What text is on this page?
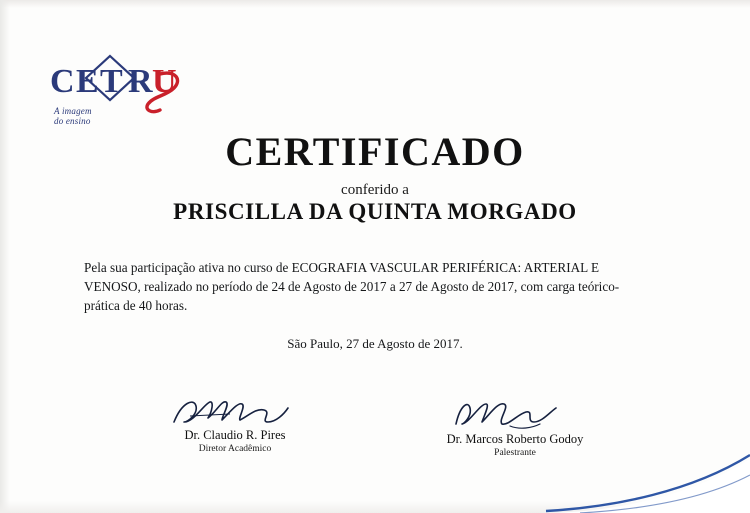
C E T R U
A imagem
do ensino
CERTIFICADO
conferido a
PRISCILLA DA QUINTA MORGADO
Pela sua participação ativa no curso de ECOGRAFIA VASCULAR PERIFÉRICA: ARTERIAL E VENOSO, realizado no período de 24 de Agosto de 2017 a 27 de Agosto de 2017, com carga teórico-prática de 40 horas.
São Paulo, 27 de Agosto de 2017.
Dr. Claudio R. Pires
Diretor Acadêmico
Dr. Marcos Roberto Godoy
Palestrante
